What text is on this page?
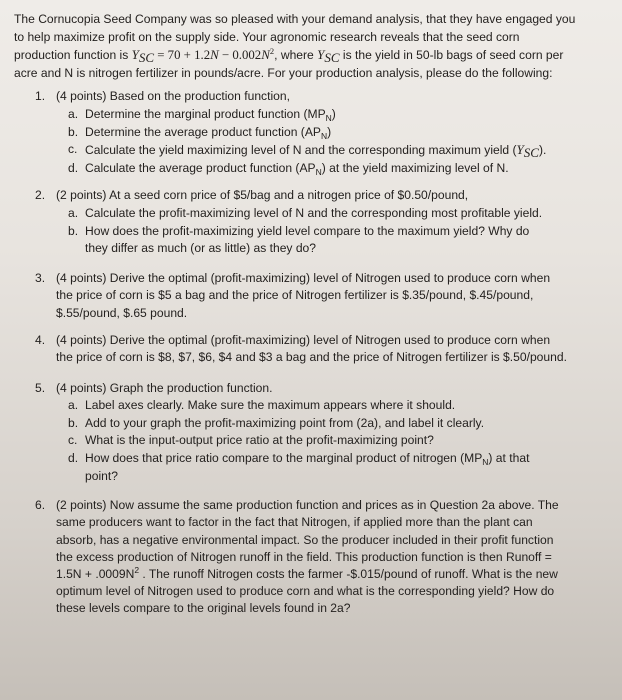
The Cornucopia Seed Company was so pleased with your demand analysis, that they have engaged you
to help maximize profit on the supply side. Your agronomic research reveals that the seed corn
production function is $Y_{SC} = 70 + 1.2N - 0.002N^2$, where $Y_{SC}$ is the yield in 50-lb bags of seed corn per
acre and N is nitrogen fertilizer in pounds/acre. For your production analysis, please do the following:
1. (4 points) Based on the production function,
a. Determine the marginal product function $(MP_N)$
b. Determine the average product function $(AP_N)$
c. Calculate the yield maximizing level of N and the corresponding maximum yield $(Y_{SC})$.
d. Calculate the average product function $(AP_N)$ at the yield maximizing level of N.
2. (2 points) At a seed corn price of $5/bag and a nitrogen price of $0.50/pound,
a. Calculate the profit-maximizing level of N and the corresponding most profitable yield.
b. How does the profit-maximizing yield level compare to the maximum yield? Why do
they differ as much (or as little) as they do?
3. (4 points) Derive the optimal (profit-maximizing) level of Nitrogen used to produce corn when
the price of corn is $5 a bag and the price of Nitrogen fertilizer is $.35/pound, $.45/pound,
$.55/pound, $.65 pound.
4. (4 points) Derive the optimal (profit-maximizing) level of Nitrogen used to produce corn when
the price of corn is $8, $7, $6, $4 and $3 a bag and the price of Nitrogen fertilizer is $.50/pound.
5. (4 points) Graph the production function.
a. Label axes clearly. Make sure the maximum appears where it should.
b. Add to your graph the profit-maximizing point from (2a), and label it clearly.
c. What is the input-output price ratio at the profit-maximizing point?
d. How does that price ratio compare to the marginal product of nitrogen $(MP_N)$ at that
point?
6. (2 points) Now assume the same production function and prices as in Question 2a above. The
same producers want to factor in the fact that Nitrogen, if applied more than the plant can
absorb, has a negative environmental impact. So the producer included in their profit function
the excess production of Nitrogen runoff in the field. This production function is then Runoff =
$1.5N + .0009N^2$ . The runoff Nitrogen costs the farmer -$.015/pound of runoff. What is the new
optimum level of Nitrogen used to produce corn and what is the corresponding yield? How do
these levels compare to the original levels found in 2a?
